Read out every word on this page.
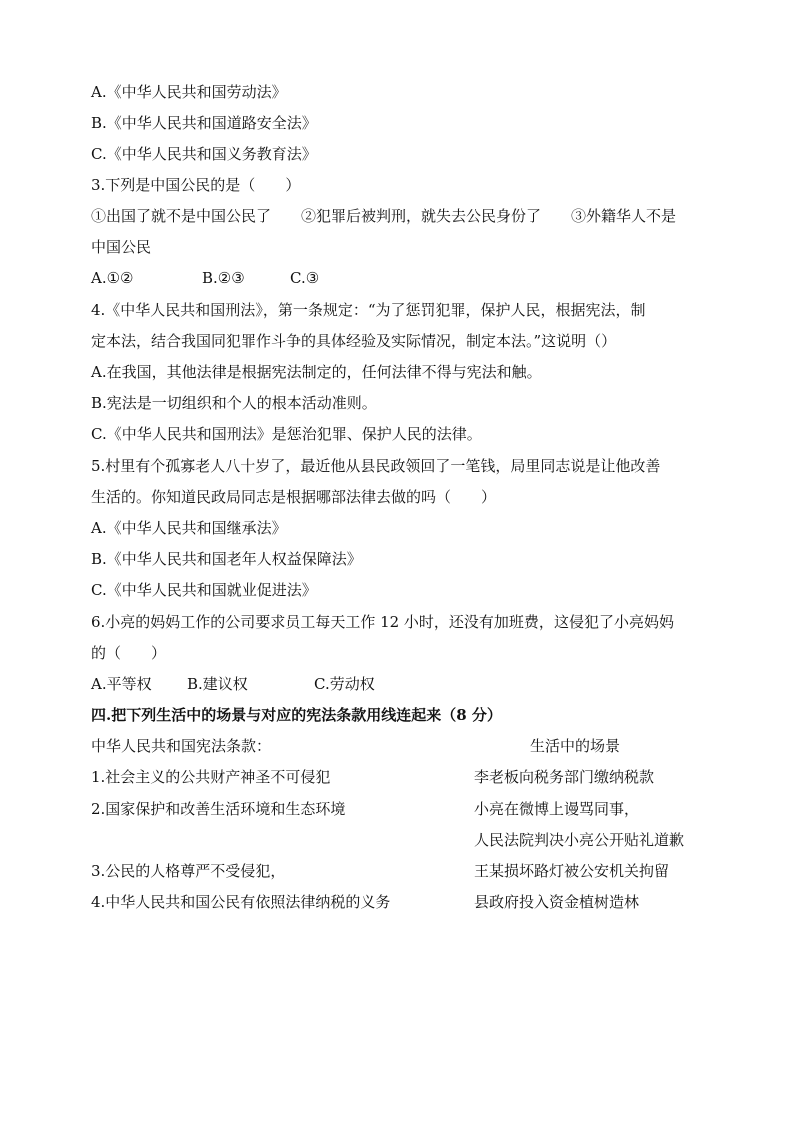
A.《中华人民共和国劳动法》
B.《中华人民共和国道路安全法》
C.《中华人民共和国义务教育法》
3.下列是中国公民的是（　　）
①出国了就不是中国公民了　　②犯罪后被判刑，就失去公民身份了　　③外籍华人不是
中国公民
A.①②	B.②③	C.③
4.《中华人民共和国刑法》，第一条规定：“为了惩罚犯罪，保护人民，根据宪法，制
定本法，结合我国同犯罪作斗争的具体经验及实际情况，制定本法。”这说明（）
A.在我国，其他法律是根据宪法制定的，任何法律不得与宪法和触。
B.宪法是一切组织和个人的根本活动准则。
C.《中华人民共和国刑法》是惩治犯罪、保护人民的法律。
5.村里有个孤寡老人八十岁了，最近他从县民政领回了一笔钱，局里同志说是让他改善
生活的。你知道民政局同志是根据哪部法律去做的吗（　　）
A.《中华人民共和国继承法》
B.《中华人民共和国老年人权益保障法》
C.《中华人民共和国就业促进法》
6.小亮的妈妈工作的公司要求员工每天工作 12 小时，还没有加班费，这侵犯了小亮妈妈
的（　　）
A.平等权 B.建议权	C.劳动权
四.把下列生活中的场景与对应的宪法条款用线连起来（8 分）
中华人民共和国宪法条款：	生活中的场景
1.社会主义的公共财产神圣不可侵犯	李老板向税务部门缴纳税款
2.国家保护和改善生活环境和生态环境	小亮在微博上谩骂同事，
人民法院判决小亮公开贴礼道歉
3.公民的人格尊严不受侵犯，	王某损坏路灯被公安机关拘留
4.中华人民共和国公民有依照法律纳税的义务	县政府投入资金植树造林
